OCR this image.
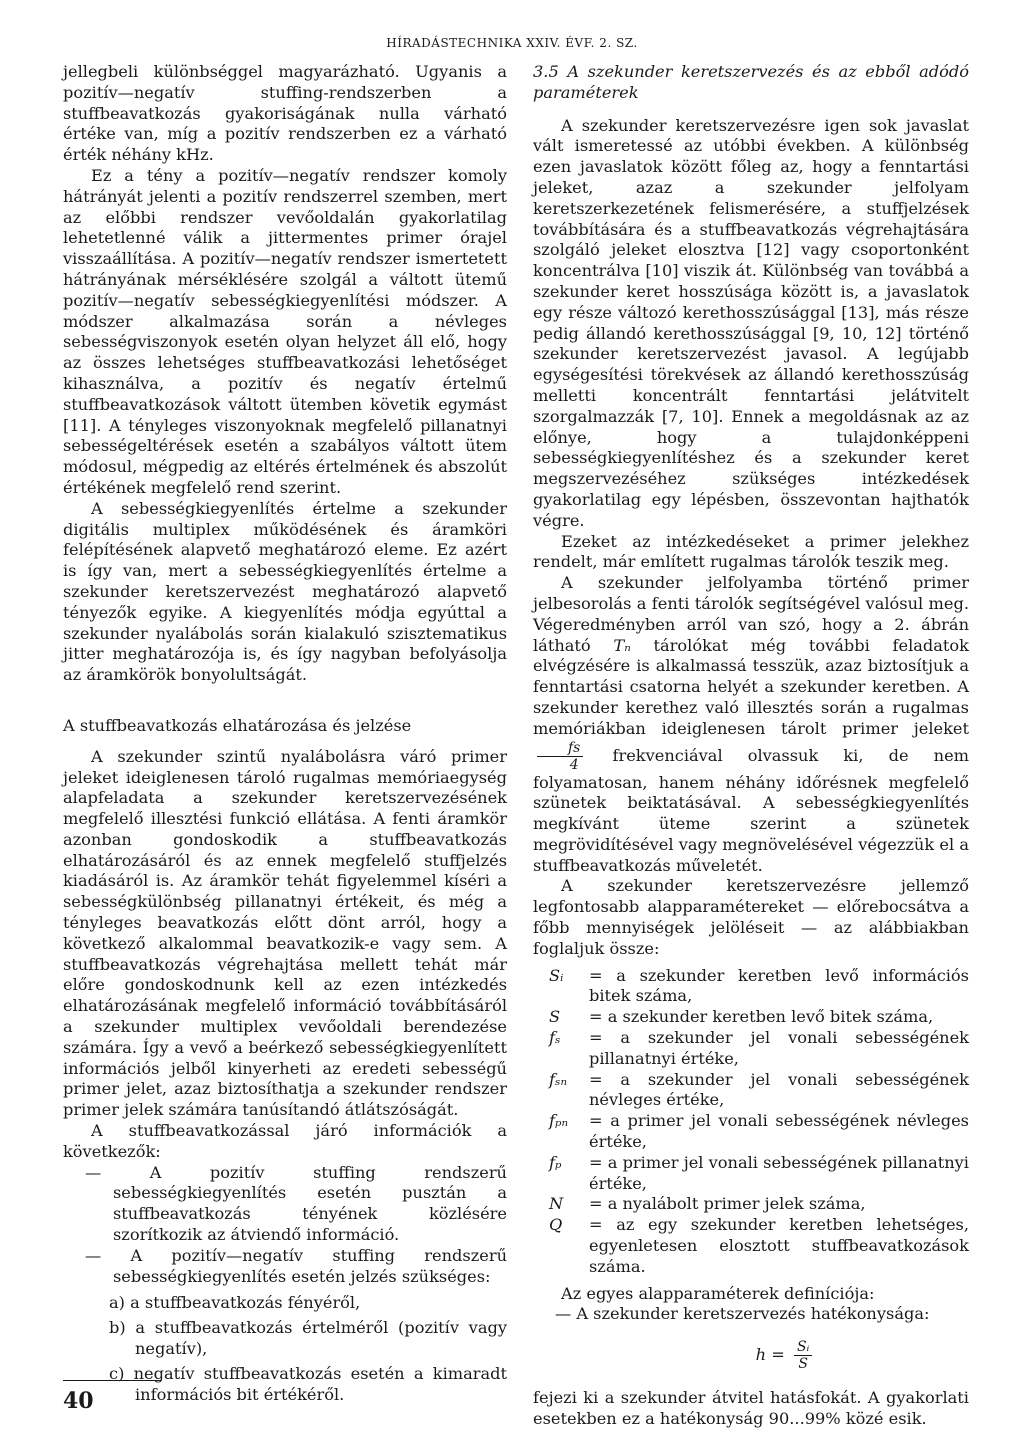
HÍRADÁSTECHNIKA XXIV. ÉVF. 2. SZ.

jellegbeli különbséggel magyarázható. Ugyanis a pozitív—negatív stuffing-rendszerben a stuffbeavatkozás gyakoriságának nulla várható értéke van, míg a pozitív rendszerben ez a várható érték néhány kHz.

Ez a tény a pozitív—negatív rendszer komoly hátrányát jelenti a pozitív rendszerrel szemben, mert az előbbi rendszer vevőoldalán gyakorlatilag lehetetlenné válik a jittermentes primer órajel visszaállítása. A pozitív—negatív rendszer ismertetett hátrányának mérséklésére szolgál a váltott ütemű pozitív—negatív sebességkiegyenlítési módszer. A módszer alkalmazása során a névleges sebességviszonyok esetén olyan helyzet áll elő, hogy az összes lehetséges stuffbeavatkozási lehetőséget kihasználva, a pozitív és negatív értelmű stuffbeavatkozások váltott ütemben követik egymást [11]. A tényleges viszonyoknak megfelelő pillanatnyi sebességeltérések esetén a szabályos váltott ütem módosul, mégpedig az eltérés értelmének és abszolút értékének megfelelő rend szerint.

A sebességkiegyenlítés értelme a szekunder digitális multiplex működésének és áramköri felépítésének alapvető meghatározó eleme. Ez azért is így van, mert a sebességkiegyenlítés értelme a szekunder keretszervezést meghatározó alapvető tényezők egyike. A kiegyenlítés módja egyúttal a szekunder nyalábolás során kialakuló szisztematikus jitter meghatározója is, és így nagyban befolyásolja az áramkörök bonyolultságát.

A stuffbeavatkozás elhatározása és jelzése

A szekunder szintű nyalábolásra váró primer jeleket ideiglenesen tároló rugalmas memóriaegység alapfeladata a szekunder keretszervezésének megfelelő illesztési funkció ellátása. A fenti áramkör azonban gondoskodik a stuffbeavatkozás elhatározásáról és az ennek megfelelő stuffjelzés kiadásáról is. Az áramkör tehát figyelemmel kíséri a sebességkülönbség pillanatnyi értékeit, és még a tényleges beavatkozás előtt dönt arról, hogy a következő alkalommal beavatkozik-e vagy sem. A stuffbeavatkozás végrehajtása mellett tehát már előre gondoskodnunk kell az ezen intézkedés elhatározásának megfelelő információ továbbításáról a szekunder multiplex vevőoldali berendezése számára. Így a vevő a beérkező sebességkiegyenlített információs jelből kinyerheti az eredeti sebességű primer jelet, azaz biztosíthatja a szekunder rendszer primer jelek számára tanúsítandó átlátszóságát.

A stuffbeavatkozással járó információk a következők:

— A pozitív stuffing rendszerű sebességkiegyenlítés esetén pusztán a stuffbeavatkozás tényének közlésére szorítkozik az átviendő információ.

— A pozitív—negatív stuffing rendszerű sebességkiegyenlítés esetén jelzés szükséges:

a) a stuffbeavatkozás fényéről,

b) a stuffbeavatkozás értelméről (pozitív vagy negatív),

c) negatív stuffbeavatkozás esetén a kimaradt információs bit értékéről.

3.5 A szekunder keretszervezés és az ebből adódó paraméterek

A szekunder keretszervezésre igen sok javaslat vált ismeretessé az utóbbi években. A különbség ezen javaslatok között főleg az, hogy a fenntartási jeleket, azaz a szekunder jelfolyam keretszerkezetének felismerésére, a stuffjelzések továbbítására és a stuffbeavatkozás végrehajtására szolgáló jeleket elosztva [12] vagy csoportonként koncentrálva [10] viszik át. Különbség van továbbá a szekunder keret hosszúsága között is, a javaslatok egy része változó kerethosszúsággal [13], más része pedig állandó kerethosszúsággal [9, 10, 12] történő szekunder keretszervezést javasol. A legújabb egységesítési törekvések az állandó kerethosszúság melletti koncentrált fenntartási jelátvitelt szorgalmazzák [7, 10]. Ennek a megoldásnak az az előnye, hogy a tulajdonképpeni sebességkiegyenlítéshez és a szekunder keret megszervezéséhez szükséges intézkedések gyakorlatilag egy lépésben, összevontan hajthatók végre.

Ezeket az intézkedéseket a primer jelekhez rendelt, már említett rugalmas tárolók teszik meg.

A szekunder jelfolyamba történő primer jelbesorolás a fenti tárolók segítségével valósul meg. Végeredményben arról van szó, hogy a 2. ábrán látható Tₙ tárolókat még további feladatok elvégzésére is alkalmassá tesszük, azaz biztosítjuk a fenntartási csatorna helyét a szekunder keretben. A szekunder kerethez való illesztés során a rugalmas memóriákban ideiglenesen tárolt primer jeleket
$\frac{fs}{4}$ frekvenciával olvassuk ki, de nem folyamatosan, hanem néhány időrésnek megfelelő szünetek beiktatásával. A sebességkiegyenlítés megkívánt üteme szerint a szünetek megrövidítésével vagy megnövelésével végezzük el a stuffbeavatkozás műveletét.

A szekunder keretszervezésre jellemző legfontosabb alapparamétereket — előrebocsátva a főbb mennyiségek jelöléseit — az alábbiakban foglaljuk össze:

Sᵢ	= a szekunder keretben levő információs bitek száma,
S	= a szekunder keretben levő bitek száma,
fₛ	= a szekunder jel vonali sebességének pillanatnyi értéke,
fₛₙ	= a szekunder jel vonali sebességének névleges értéke,
fₚₙ	= a primer jel vonali sebességének névleges értéke,
fₚ	= a primer jel vonali sebességének pillanatnyi értéke,
N	= a nyalábolt primer jelek száma,
Q	= az egy szekunder keretben lehetséges, egyenletesen elosztott stuffbeavatkozások száma.

Az egyes alapparaméterek definíciója:

— A szekunder keretszervezés hatékonysága:

$h = \frac{\text{Sᵢ}}{S}$

fejezi ki a szekunder átvitel hatásfokát. A gyakorlati esetekben ez a hatékonyság 90...99% közé esik.

40
